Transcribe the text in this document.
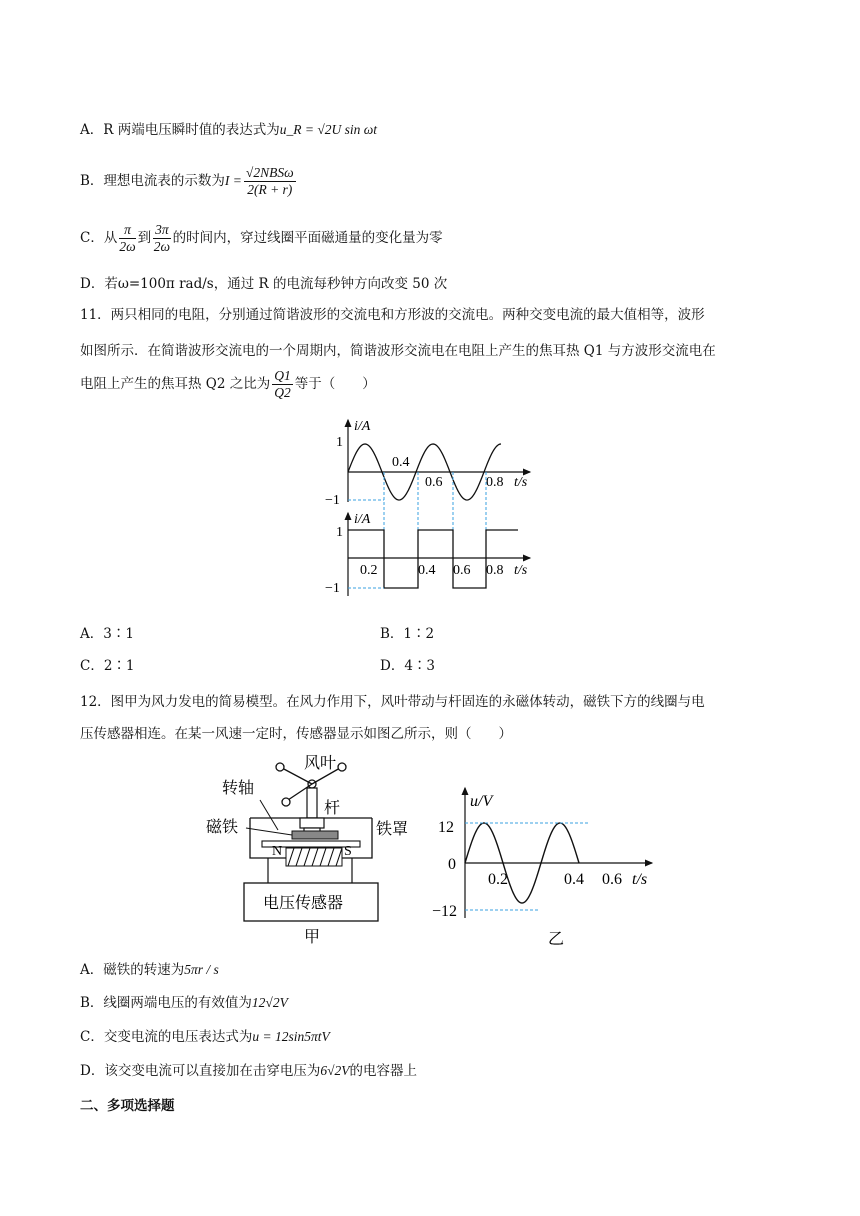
A．R 两端电压瞬时值的表达式为u_R = √2U sin ωt
B．理想电流表的示数为$I = \frac{\text{√2NBSω}}{2(R + r)}$
C．从 $\frac{\pi}{2\omega}$ 到 $\frac{3\pi}{2\omega}$ 的时间内，穿过线圈平面磁通量的变化量为零
D．若ω=100π rad/s，通过 R 的电流每秒钟方向改变 50 次
11．两只相同的电阻，分别通过简谐波形的交流电和方形波的交流电。两种交变电流的最大值相等，波形
如图所示．在简谐波形交流电的一个周期内，简谐波形交流电在电阻上产生的焦耳热 Q1 与方波形交流电在
电阻上产生的焦耳热 Q2 之比为 $\frac{Q1}{Q2}$ 等于（　　）
i/A
1
−1
t/s
0.4
0.6	0.8
i/A
1
−1
t/s
0.2	0.4 0.6 0.8
A．3∶1	B．1∶2
C．2∶1	D．4∶3
12．图甲为风力发电的简易模型。在风力作用下，风叶带动与杆固连的永磁体转动，磁铁下方的线圈与电
压传感器相连。在某一风速一定时，传感器显示如图乙所示，则（　　）
风叶
杆
转轴
铁罩
磁铁
N	S
电压传感器
甲
u/V
12
0
−12
t/s
0.2	0.4 0.6
乙
A．磁铁的转速为5πr / s
B．线圈两端电压的有效值为12√2V
C．交变电流的电压表达式为u = 12sin5πtV
D．该交变电流可以直接加在击穿电压为6√2V的电容器上
二、多项选择题
